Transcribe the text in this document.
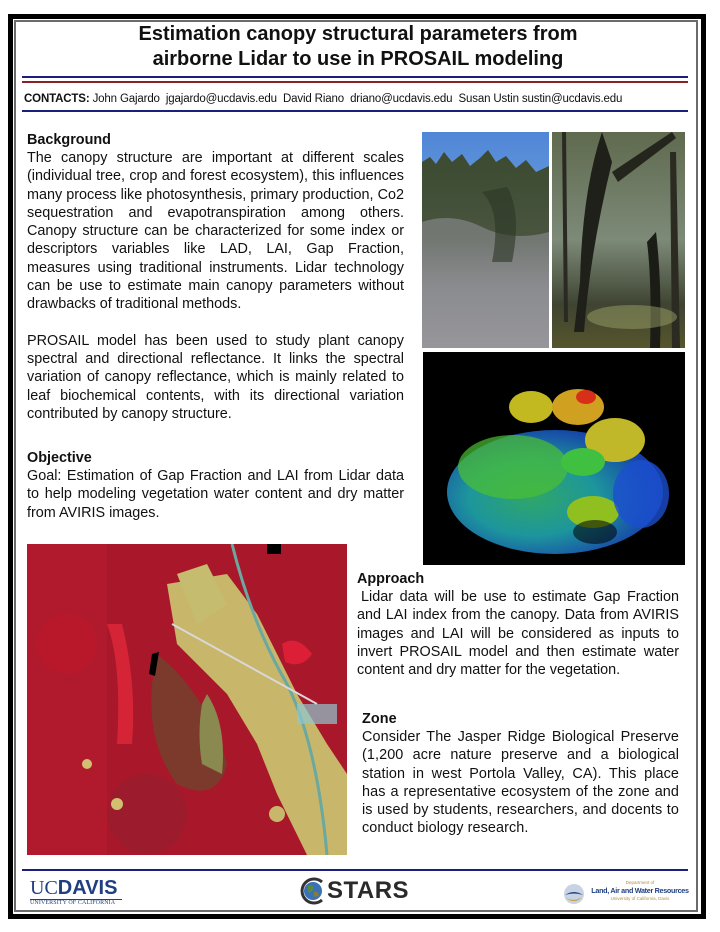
Estimation canopy structural parameters from
airborne Lidar to use in PROSAIL modeling
CONTACTS: John Gajardo jgajardo@ucdavis.edu David Riano driano@ucdavis.edu Susan Ustin sustin@ucdavis.edu
Background

The canopy structure are important at different scales (individual tree, crop and forest ecosystem), this influences many process like photosynthesis, primary production, Co2 sequestration and evapotranspiration among others. Canopy structure can be characterized for some index or descriptors variables like LAD, LAI, Gap Fraction, measures using traditional instruments. Lidar technology can be use to estimate main canopy parameters without drawbacks of traditional methods.

PROSAIL model has been used to study plant canopy spectral and directional reflectance. It links the spectral variation of canopy reflectance, which is mainly related to leaf biochemical contents, with its directional variation contributed by canopy structure.

Objective

Goal: Estimation of Gap Fraction and LAI from Lidar data to help modeling vegetation water content and dry matter from AVIRIS images.

Approach

Lidar data will be use to estimate Gap Fraction and LAI index from the canopy. Data from AVIRIS images and LAI will be considered as inputs to invert PROSAIL model and then estimate water content and dry matter for the vegetation.

Zone

Consider The Jasper Ridge Biological Preserve (1,200 acre nature preserve and a biological station in west Portola Valley, CA). This place has a representative ecosystem of the zone and is used by students, researchers, and docents to conduct biology research.

UCDAVIS
UNIVERSITY OF CALIFORNIA	STARS	Department of
Land, Air and Water Resources
University of California, Davis
